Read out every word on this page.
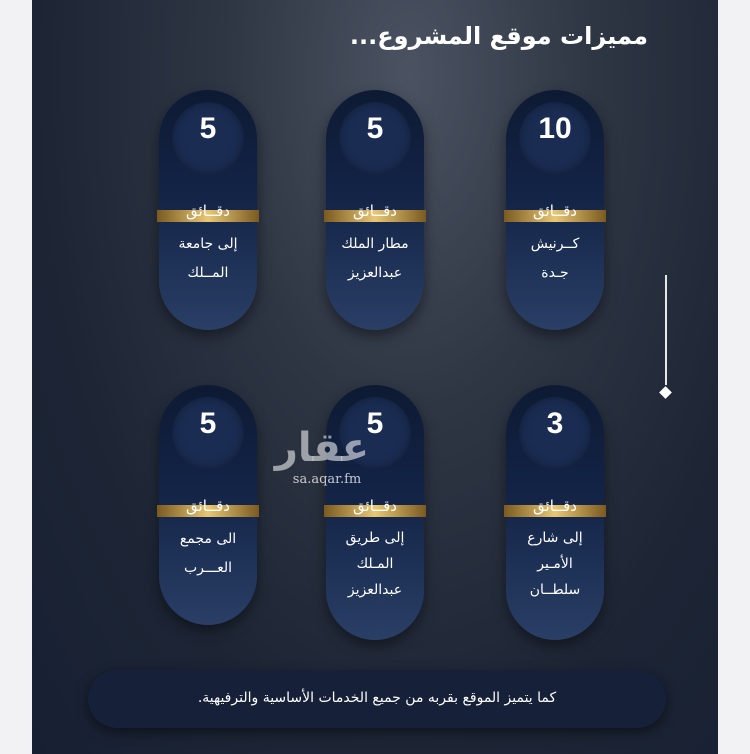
مميزات موقع المشروع...
10
دقــائق
كــرنيش
جـدة
5
دقــائق
مطار الملك
عبدالعزيز
5
دقــائق
إلى جامعة
المــلك
3
دقــائق
إلى شارع
الأمـير
سلطــان
5
دقــائق
إلى طريق
المـلك
عبدالعزيز
5
دقــائق
الى مجمع
العـــرب
عقار
sa.aqar.fm
كما يتميز الموقع بقربه من جميع الخدمات الأساسية والترفيهية.
